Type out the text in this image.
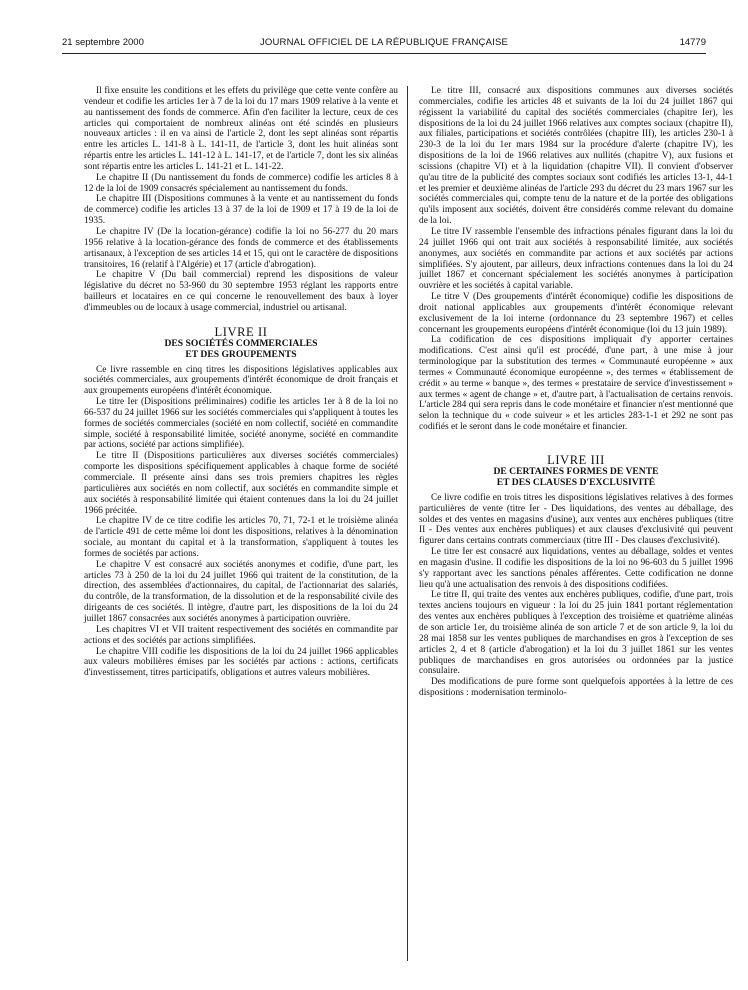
21 septembre 2000	JOURNAL OFFICIEL DE LA RÉPUBLIQUE FRANÇAISE	14779

Il fixe ensuite les conditions et les effets du privilège que cette vente confère au vendeur et codifie les articles 1er à 7 de la loi du 17 mars 1909 relative à la vente et au nantissement des fonds de commerce. Afin d'en faciliter la lecture, ceux de ces articles qui comportaient de nombreux alinéas ont été scindés en plusieurs nouveaux articles : il en va ainsi de l'article 2, dont les sept alinéas sont répartis entre les articles L. 141-8 à L. 141-11, de l'article 3, dont les huit alinéas sont répartis entre les articles L. 141-12 à L. 141-17, et de l'article 7, dont les six alinéas sont répartis entre les articles L. 141-21 et L. 141-22.

Le chapitre II (Du nantissement du fonds de commerce) codifie les articles 8 à 12 de la loi de 1909 consacrés spécialement au nantissement du fonds.

Le chapitre III (Dispositions communes à la vente et au nantissement du fonds de commerce) codifie les articles 13 à 37 de la loi de 1909 et 17 à 19 de la loi de 1935.

Le chapitre IV (De la location-gérance) codifie la loi no 56-277 du 20 mars 1956 relative à la location-gérance des fonds de commerce et des établissements artisanaux, à l'exception de ses articles 14 et 15, qui ont le caractère de dispositions transitoires, 16 (relatif à l'Algérie) et 17 (article d'abrogation).

Le chapitre V (Du bail commercial) reprend les dispositions de valeur législative du décret no 53-960 du 30 septembre 1953 réglant les rapports entre bailleurs et locataires en ce qui concerne le renouvellement des baux à loyer d'immeubles ou de locaux à usage commercial, industriel ou artisanal.

LIVRE II
DES SOCIÉTÉS COMMERCIALES
ET DES GROUPEMENTS

Ce livre rassemble en cinq titres les dispositions législatives applicables aux sociétés commerciales, aux groupements d'intérêt économique de droit français et aux groupements européens d'intérêt économique.

Le titre Ier (Dispositions préliminaires) codifie les articles 1er à 8 de la loi no 66-537 du 24 juillet 1966 sur les sociétés commerciales qui s'appliquent à toutes les formes de sociétés commerciales (société en nom collectif, société en commandite simple, société à responsabilité limitée, société anonyme, société en commandite par actions, société par actions simplifiée).

Le titre II (Dispositions particulières aux diverses sociétés commerciales) comporte les dispositions spécifiquement applicables à chaque forme de société commerciale. Il présente ainsi dans ses trois premiers chapitres les règles particulières aux sociétés en nom collectif, aux sociétés en commandite simple et aux sociétés à responsabilité limitée qui étaient contenues dans la loi du 24 juillet 1966 précitée.

Le chapitre IV de ce titre codifie les articles 70, 71, 72-1 et le troisième alinéa de l'article 491 de cette même loi dont les dispositions, relatives à la dénomination sociale, au montant du capital et à la transformation, s'appliquent à toutes les formes de sociétés par actions.

Le chapitre V est consacré aux sociétés anonymes et codifie, d'une part, les articles 73 à 250 de la loi du 24 juillet 1966 qui traitent de la constitution, de la direction, des assemblées d'actionnaires, du capital, de l'actionnariat des salariés, du contrôle, de la transformation, de la dissolution et de la responsabilité civile des dirigeants de ces sociétés. Il intègre, d'autre part, les dispositions de la loi du 24 juillet 1867 consacrées aux sociétés anonymes à participation ouvrière.

Les chapitres VI et VII traitent respectivement des sociétés en commandite par actions et des sociétés par actions simplifiées.

Le chapitre VIII codifie les dispositions de la loi du 24 juillet 1966 applicables aux valeurs mobilières émises par les sociétés par actions : actions, certificats d'investissement, titres participatifs, obligations et autres valeurs mobilières.

Le titre III, consacré aux dispositions communes aux diverses sociétés commerciales, codifie les articles 48 et suivants de la loi du 24 juillet 1867 qui régissent la variabilité du capital des sociétés commerciales (chapitre Ier), les dispositions de la loi du 24 juillet 1966 relatives aux comptes sociaux (chapitre II), aux filiales, participations et sociétés contrôlées (chapitre III), les articles 230-1 à 230-3 de la loi du 1er mars 1984 sur la procédure d'alerte (chapitre IV), les dispositions de la loi de 1966 relatives aux nullités (chapitre V), aux fusions et scissions (chapitre VI) et à la liquidation (chapitre VII). Il convient d'observer qu'au titre de la publicité des comptes sociaux sont codifiés les articles 13-1, 44-1 et les premier et deuxième alinéas de l'article 293 du décret du 23 mars 1967 sur les sociétés commerciales qui, compte tenu de la nature et de la portée des obligations qu'ils imposent aux sociétés, doivent être considérés comme relevant du domaine de la loi.

Le titre IV rassemble l'ensemble des infractions pénales figurant dans la loi du 24 juillet 1966 qui ont trait aux sociétés à responsabilité limitée, aux sociétés anonymes, aux sociétés en commandite par actions et aux sociétés par actions simplifiées. S'y ajoutent, par ailleurs, deux infractions contenues dans la loi du 24 juillet 1867 et concernant spécialement les sociétés anonymes à participation ouvrière et les sociétés à capital variable.

Le titre V (Des groupements d'intérêt économique) codifie les dispositions de droit national applicables aux groupements d'intérêt économique relevant exclusivement de la loi interne (ordonnance du 23 septembre 1967) et celles concernant les groupements européens d'intérêt économique (loi du 13 juin 1989).

La codification de ces dispositions impliquait d'y apporter certaines modifications. C'est ainsi qu'il est procédé, d'une part, à une mise à jour terminologique par la substitution des termes « Communauté européenne » aux termes « Communauté économique européenne », des termes « établissement de crédit » au terme « banque », des termes « prestataire de service d'investissement » aux termes « agent de change » et, d'autre part, à l'actualisation de certains renvois. L'article 284 qui sera repris dans le code monétaire et financier n'est mentionné que selon la technique du « code suiveur » et les articles 283-1-1 et 292 ne sont pas codifiés et le seront dans le code monétaire et financier.

LIVRE III
DE CERTAINES FORMES DE VENTE
ET DES CLAUSES D'EXCLUSIVITÉ

Ce livre codifie en trois titres les dispositions législatives relatives à des formes particulières de vente (titre Ier - Des liquidations, des ventes au déballage, des soldes et des ventes en magasins d'usine), aux ventes aux enchères publiques (titre II - Des ventes aux enchères publiques) et aux clauses d'exclusivité qui peuvent figurer dans certains contrats commerciaux (titre III - Des clauses d'exclusivité).

Le titre Ier est consacré aux liquidations, ventes au déballage, soldes et ventes en magasin d'usine. Il codifie les dispositions de la loi no 96-603 du 5 juillet 1996 s'y rapportant avec les sanctions pénales afférentes. Cette codification ne donne lieu qu'à une actualisation des renvois à des dispositions codifiées.

Le titre II, qui traite des ventes aux enchères publiques, codifie, d'une part, trois textes anciens toujours en vigueur : la loi du 25 juin 1841 portant réglementation des ventes aux enchères publiques à l'exception des troisième et quatrième alinéas de son article 1er, du troisième alinéa de son article 7 et de son article 9, la loi du 28 mai 1858 sur les ventes publiques de marchandises en gros à l'exception de ses articles 2, 4 et 8 (article d'abrogation) et la loi du 3 juillet 1861 sur les ventes publiques de marchandises en gros autorisées ou ordonnées par la justice consulaire.

Des modifications de pure forme sont quelquefois apportées à la lettre de ces dispositions : modernisation terminolo-
